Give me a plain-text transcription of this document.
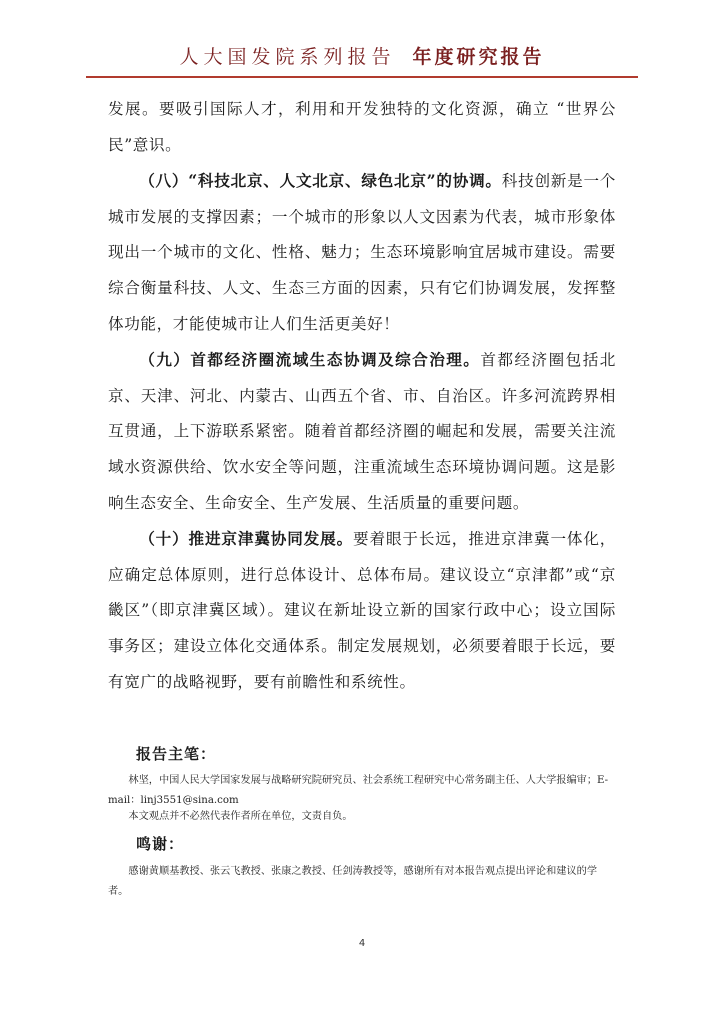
人大国发院系列报告 年度研究报告

发展。要吸引国际人才，利用和开发独特的文化资源，确立 “世界公民”意识。

（八）“科技北京、人文北京、绿色北京”的协调。科技创新是一个城市发展的支撑因素；一个城市的形象以人文因素为代表，城市形象体现出一个城市的文化、性格、魅力；生态环境影响宜居城市建设。需要综合衡量科技、人文、生态三方面的因素，只有它们协调发展，发挥整体功能，才能使城市让人们生活更美好！

（九）首都经济圈流域生态协调及综合治理。首都经济圈包括北京、天津、河北、内蒙古、山西五个省、市、自治区。许多河流跨界相互贯通，上下游联系紧密。随着首都经济圈的崛起和发展，需要关注流域水资源供给、饮水安全等问题，注重流域生态环境协调问题。这是影响生态安全、生命安全、生产发展、生活质量的重要问题。

（十）推进京津冀协同发展。要着眼于长远，推进京津冀一体化，应确定总体原则，进行总体设计、总体布局。建议设立“京津都”或“京畿区”（即京津冀区域）。建议在新址设立新的国家行政中心；设立国际事务区；建设立体化交通体系。制定发展规划，必须要着眼于长远，要有宽广的战略视野，要有前瞻性和系统性。

报告主笔：
林坚，中国人民大学国家发展与战略研究院研究员、社会系统工程研究中心常务副主任、人大学报编审；E-mail：linj3551@sina.com
本文观点并不必然代表作者所在单位，文责自负。
鸣谢：
感谢黄顺基教授、张云飞教授、张康之教授、任剑涛教授等，感谢所有对本报告观点提出评论和建议的学者。
4
